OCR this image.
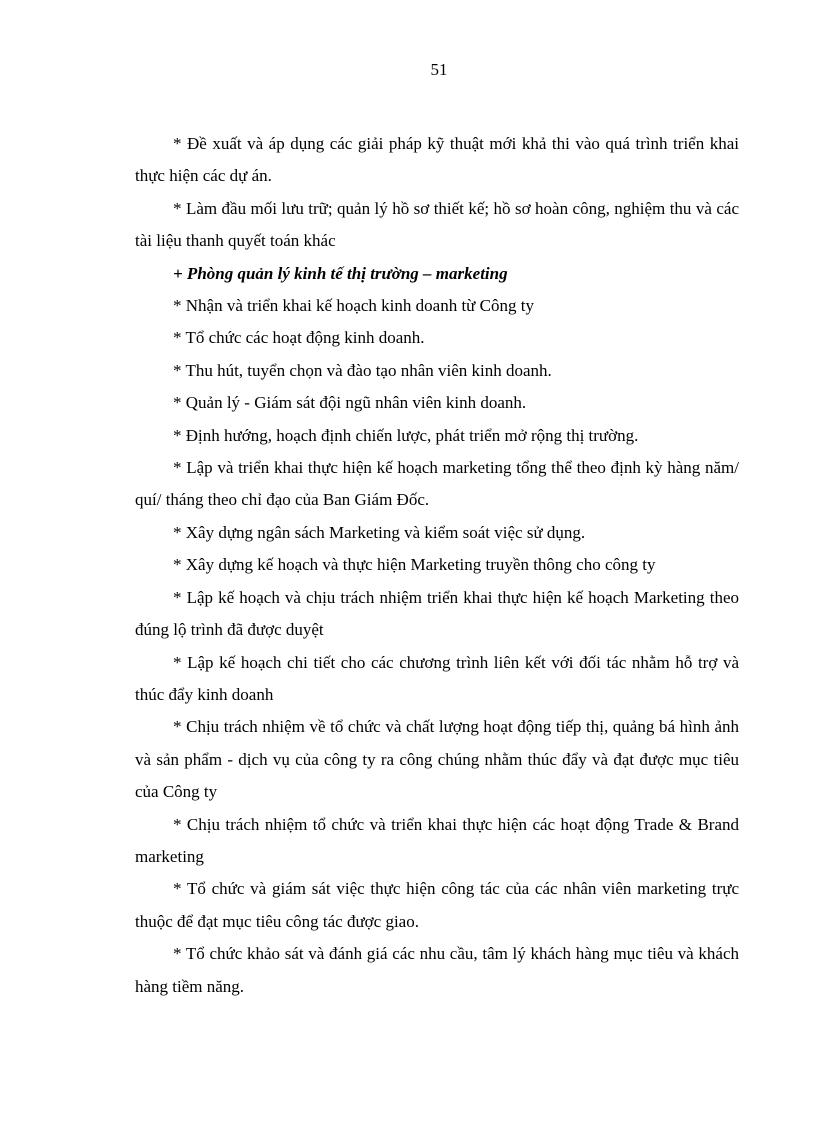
51

* Đề xuất và áp dụng các giải pháp kỹ thuật mới khả thi vào quá trình triển khai thực hiện các dự án.

* Làm đầu mối lưu trữ; quản lý hồ sơ thiết kế; hồ sơ hoàn công, nghiệm thu và các tài liệu thanh quyết toán khác

+ Phòng quản lý kinh tế thị trường – marketing

* Nhận và triển khai kế hoạch kinh doanh từ Công ty

* Tổ chức các hoạt động kinh doanh.

* Thu hút, tuyển chọn và đào tạo nhân viên kinh doanh.

* Quản lý - Giám sát đội ngũ nhân viên kinh doanh.

* Định hướng, hoạch định chiến lược, phát triển mở rộng thị trường.

* Lập và triển khai thực hiện kế hoạch marketing tổng thể theo định kỳ hàng năm/ quí/ tháng theo chỉ đạo của Ban Giám Đốc.

* Xây dựng ngân sách Marketing và kiểm soát việc sử dụng.

* Xây dựng kế hoạch và thực hiện Marketing truyền thông cho công ty

* Lập kế hoạch và chịu trách nhiệm triển khai thực hiện kế hoạch Marketing theo đúng lộ trình đã được duyệt

* Lập kế hoạch chi tiết cho các chương trình liên kết với đối tác nhằm hỗ trợ và thúc đẩy kinh doanh

* Chịu trách nhiệm về tổ chức và chất lượng hoạt động tiếp thị, quảng bá hình ảnh và sản phẩm - dịch vụ của công ty ra công chúng nhằm thúc đẩy và đạt được mục tiêu của Công ty

* Chịu trách nhiệm tổ chức và triển khai thực hiện các hoạt động Trade & Brand marketing

* Tổ chức và giám sát việc thực hiện công tác của các nhân viên marketing trực thuộc để đạt mục tiêu công tác được giao.

* Tổ chức khảo sát và đánh giá các nhu cầu, tâm lý khách hàng mục tiêu và khách hàng tiềm năng.
